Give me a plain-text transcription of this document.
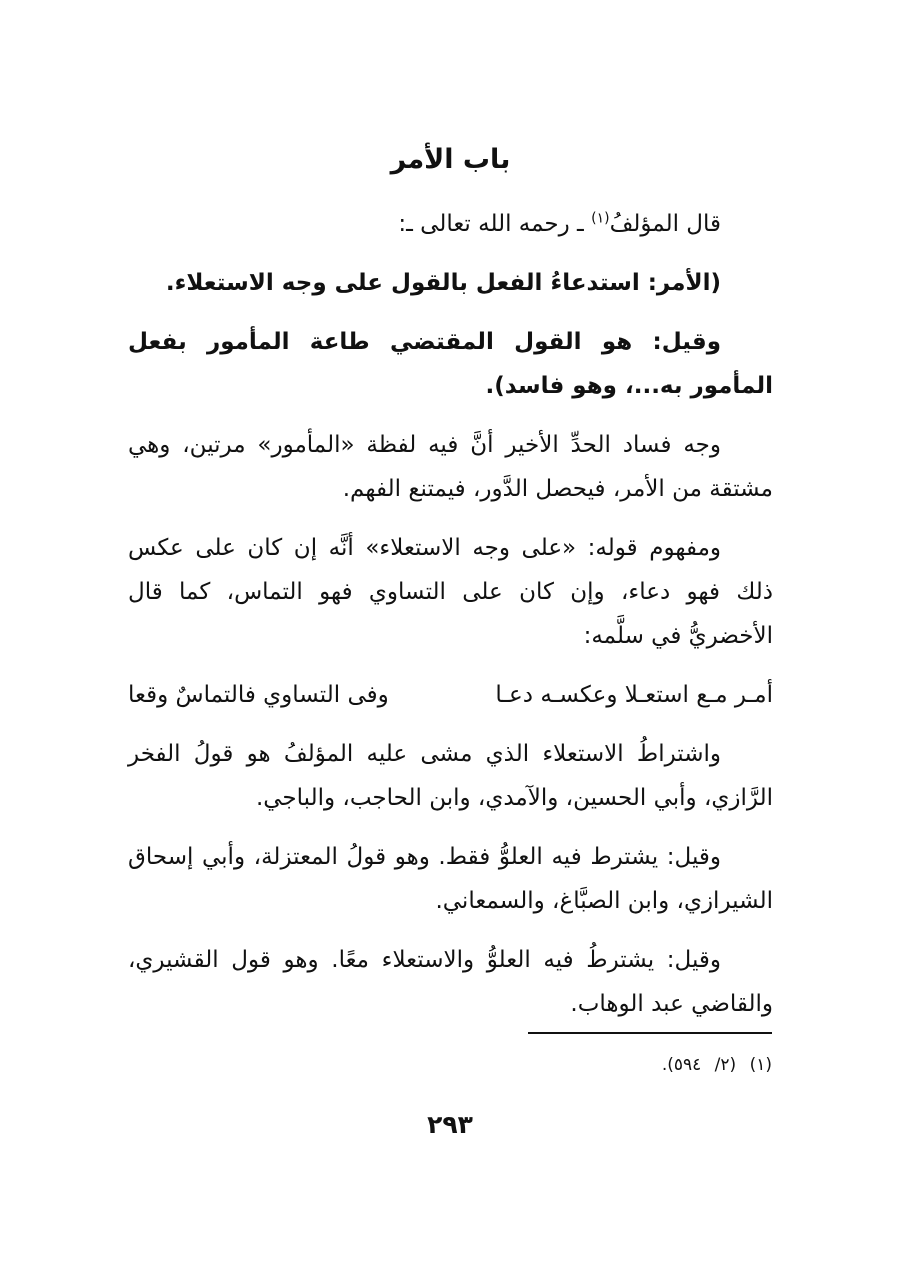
باب الأمر

قال المؤلفُ$^{(١)}$ ـ رحمه الله تعالى ـ:

(الأمر: استدعاءُ الفعل بالقول على وجه الاستعلاء.

وقيل: هو القول المقتضي طاعة المأمور بفعل المأمور به...، وهو فاسد).

وجه فساد الحدِّ الأخير أنَّ فيه لفظة «المأمور» مرتين، وهي مشتقة من الأمر، فيحصل الدَّور، فيمتنع الفهم.

ومفهوم قوله: «على وجه الاستعلاء» أنَّه إن كان على عكس ذلك فهو دعاء، وإن كان على التساوي فهو التماس، كما قال الأخضريُّ في سلَّمه:

أمـر مـع استعـلا وعكسـه دعـا
وفى التساوي فالتماسٌ وقعا

واشتراطُ الاستعلاء الذي مشى عليه المؤلفُ هو قولُ الفخر الرَّازي، وأبي الحسين، والآمدي، وابن الحاجب، والباجي.

وقيل: يشترط فيه العلوُّ فقط. وهو قولُ المعتزلة، وأبي إسحاق الشيرازي، وابن الصبَّاغ، والسمعاني.

وقيل: يشترطُ فيه العلوُّ والاستعلاء معًا. وهو قول القشيري، والقاضي عبد الوهاب.

(١) (٢/ ٥٩٤).
٢٩٣
